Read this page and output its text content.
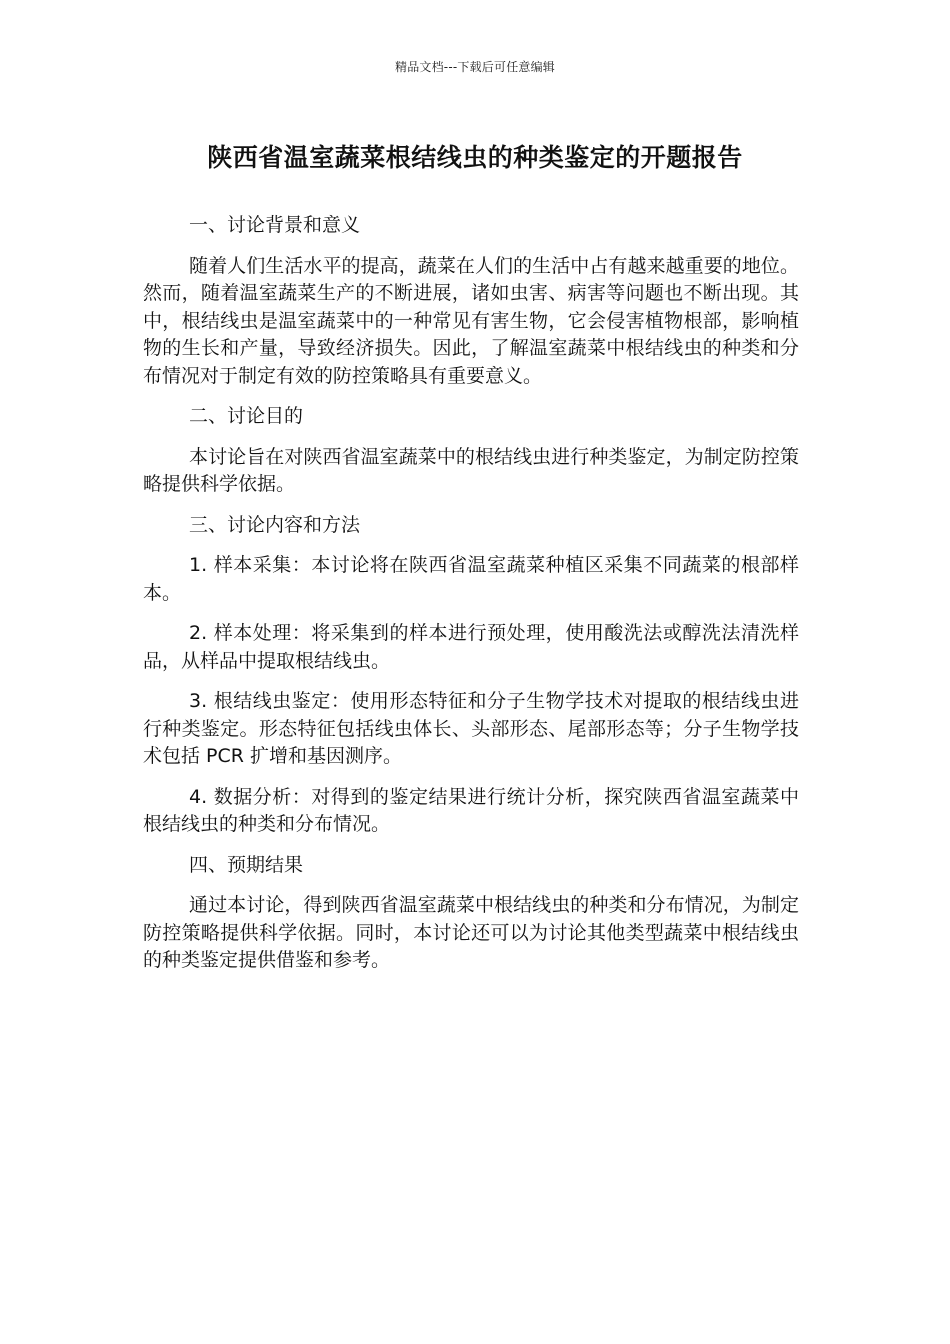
精品文档---下载后可任意编辑
陕西省温室蔬菜根结线虫的种类鉴定的开题报告

一、讨论背景和意义

随着人们生活水平的提高，蔬菜在人们的生活中占有越来越重要的地位。然而，随着温室蔬菜生产的不断进展，诸如虫害、病害等问题也不断出现。其中，根结线虫是温室蔬菜中的一种常见有害生物，它会侵害植物根部，影响植物的生长和产量，导致经济损失。因此，了解温室蔬菜中根结线虫的种类和分布情况对于制定有效的防控策略具有重要意义。

二、讨论目的

本讨论旨在对陕西省温室蔬菜中的根结线虫进行种类鉴定，为制定防控策略提供科学依据。

三、讨论内容和方法

1. 样本采集：本讨论将在陕西省温室蔬菜种植区采集不同蔬菜的根部样本。

2. 样本处理：将采集到的样本进行预处理，使用酸洗法或醇洗法清洗样品，从样品中提取根结线虫。

3. 根结线虫鉴定：使用形态特征和分子生物学技术对提取的根结线虫进行种类鉴定。形态特征包括线虫体长、头部形态、尾部形态等；分子生物学技术包括 PCR 扩增和基因测序。

4. 数据分析：对得到的鉴定结果进行统计分析，探究陕西省温室蔬菜中根结线虫的种类和分布情况。

四、预期结果

通过本讨论，得到陕西省温室蔬菜中根结线虫的种类和分布情况，为制定防控策略提供科学依据。同时，本讨论还可以为讨论其他类型蔬菜中根结线虫的种类鉴定提供借鉴和参考。
